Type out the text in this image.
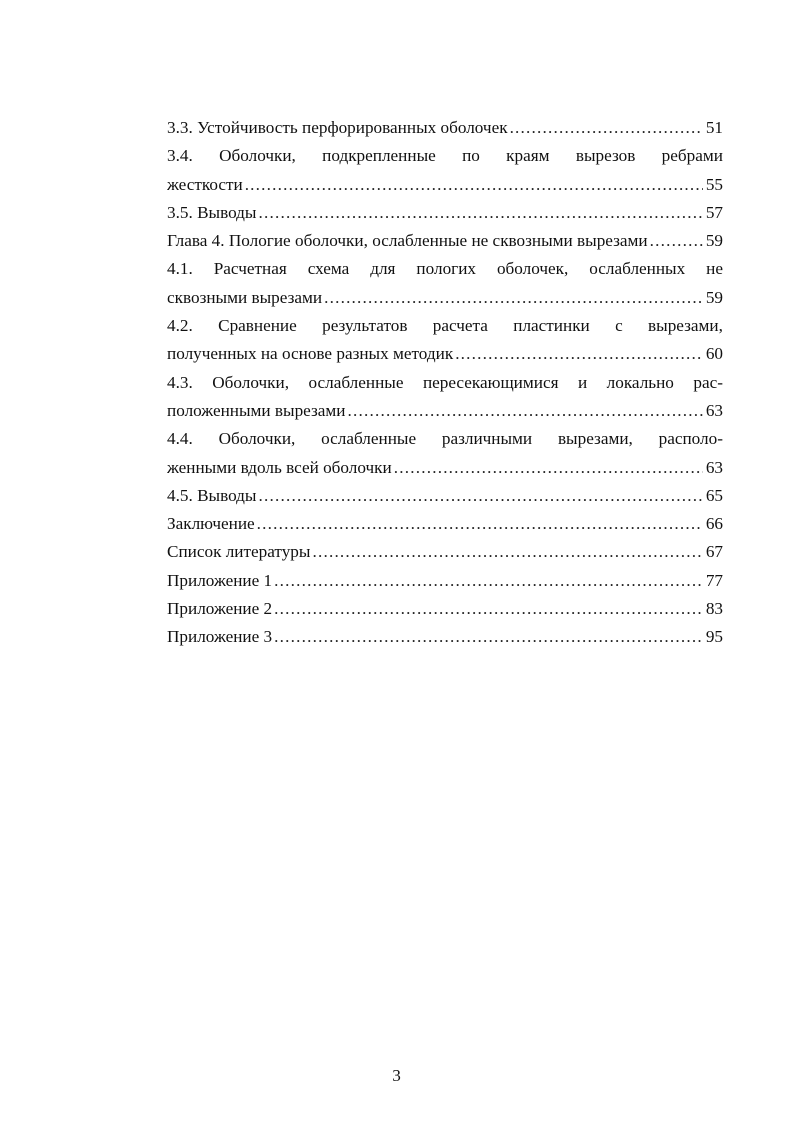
3.3. Устойчивость перфорированных оболочек .....	51
3.4. Оболочки, подкрепленные по краям вырезов ребрами
жесткости .....	55
3.5. Выводы .....	57
Глава 4. Пологие оболочки, ослабленные не сквозными вырезами .....	59
4.1. Расчетная схема для пологих оболочек, ослабленных не
сквозными вырезами .....	59
4.2. Сравнение результатов расчета пластинки с вырезами,
полученных на основе разных методик .....	60
4.3. Оболочки, ослабленные пересекающимися и локально рас-
положенными вырезами .....	63
4.4. Оболочки, ослабленные различными вырезами, располо-
женными вдоль всей оболочки .....	63
4.5. Выводы .....	65
Заключение .....	66
Список литературы .....	67
Приложение 1 .....	77
Приложение 2 .....	83
Приложение 3 .....	95
3
